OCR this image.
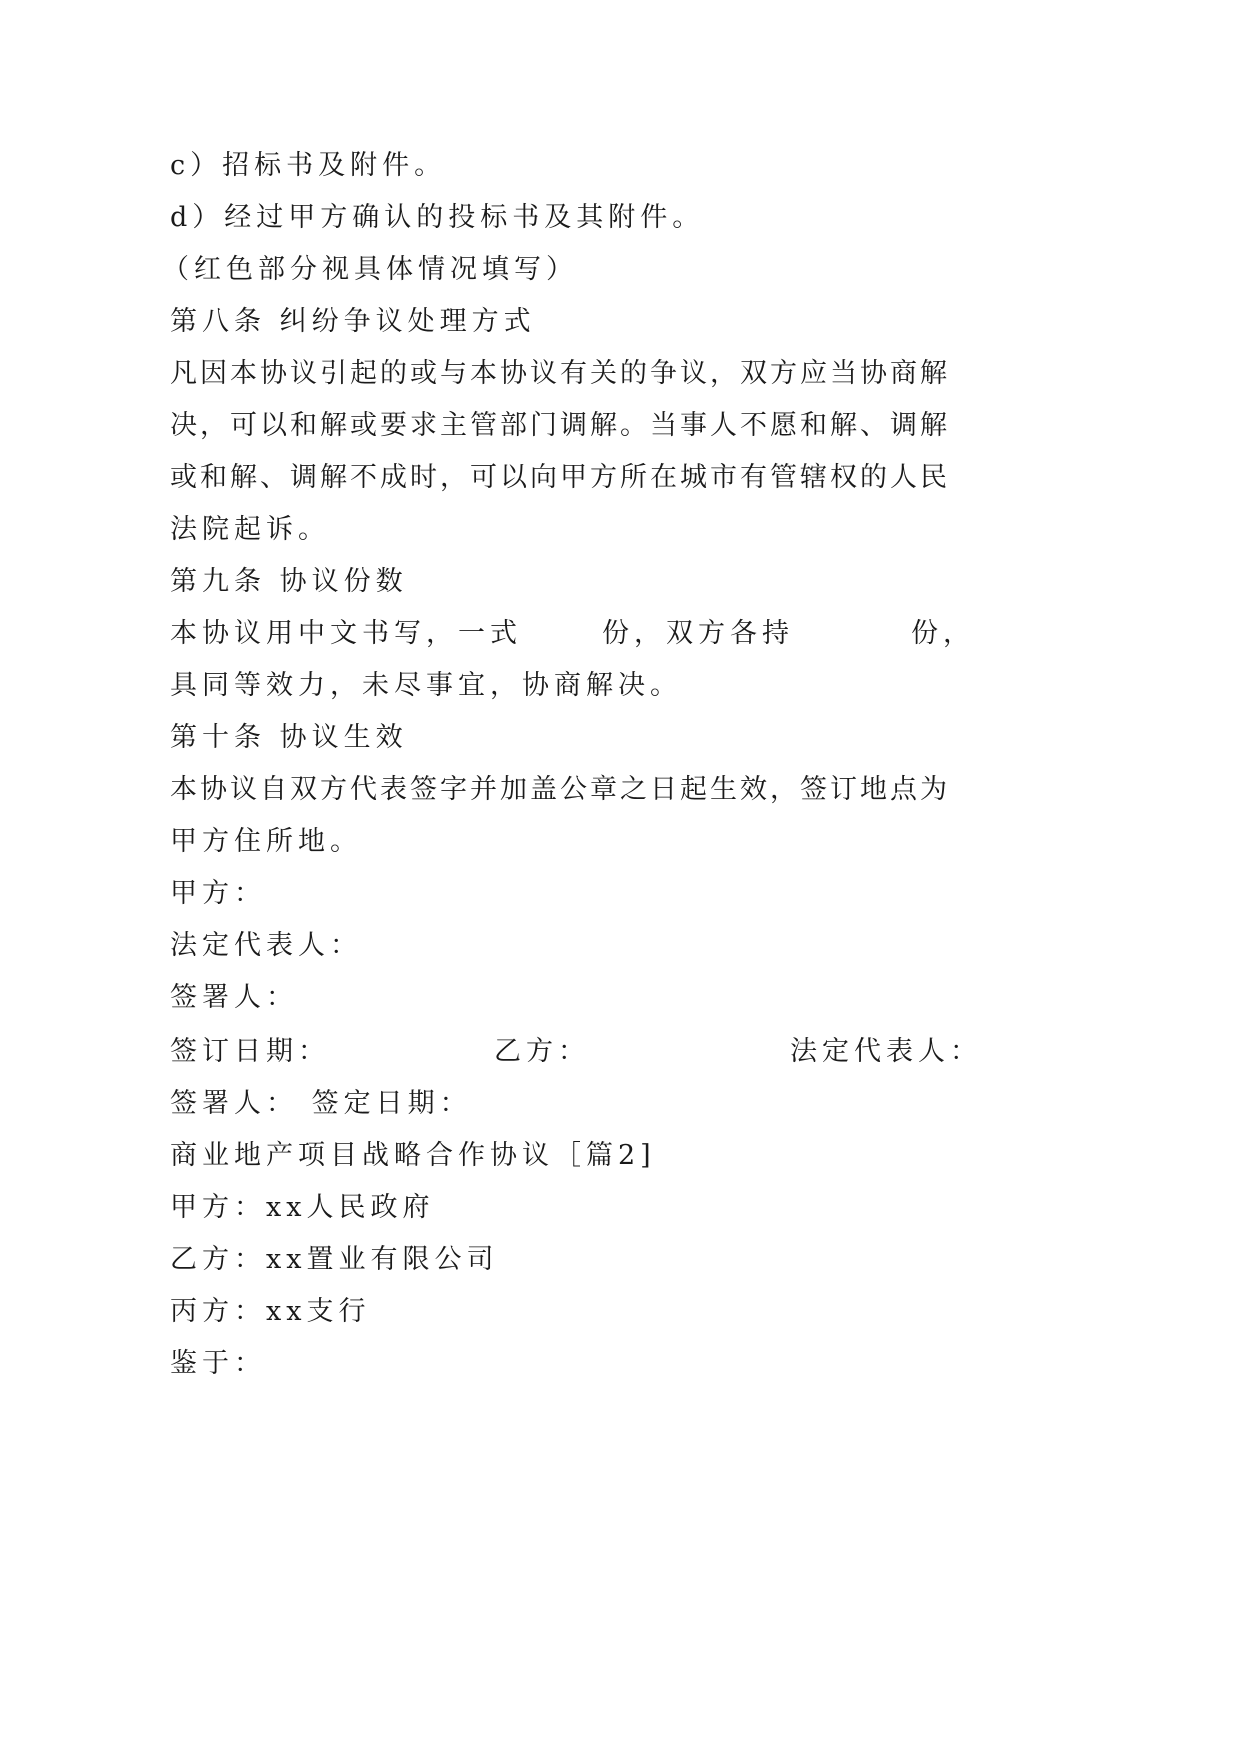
c）招标书及附件。
d）经过甲方确认的投标书及其附件。
（红色部分视具体情况填写）
第八条 纠纷争议处理方式
凡因本协议引起的或与本协议有关的争议，双方应当协商解
决，可以和解或要求主管部门调解。当事人不愿和解、调解
或和解、调解不成时，可以向甲方所在城市有管辖权的人民
法院起诉。
第九条 协议份数
本协议用中文书写，一式	份，双方各持	份，
具同等效力，未尽事宜，协商解决。
第十条 协议生效
本协议自双方代表签字并加盖公章之日起生效，签订地点为
甲方住所地。
甲方：
法定代表人：
签署人：
签订日期：	乙方：	法定代表人：
签署人： 签定日期：
商业地产项目战略合作协议［篇2]
甲方：xx人民政府
乙方：xx置业有限公司
丙方：xx支行
鉴于：
